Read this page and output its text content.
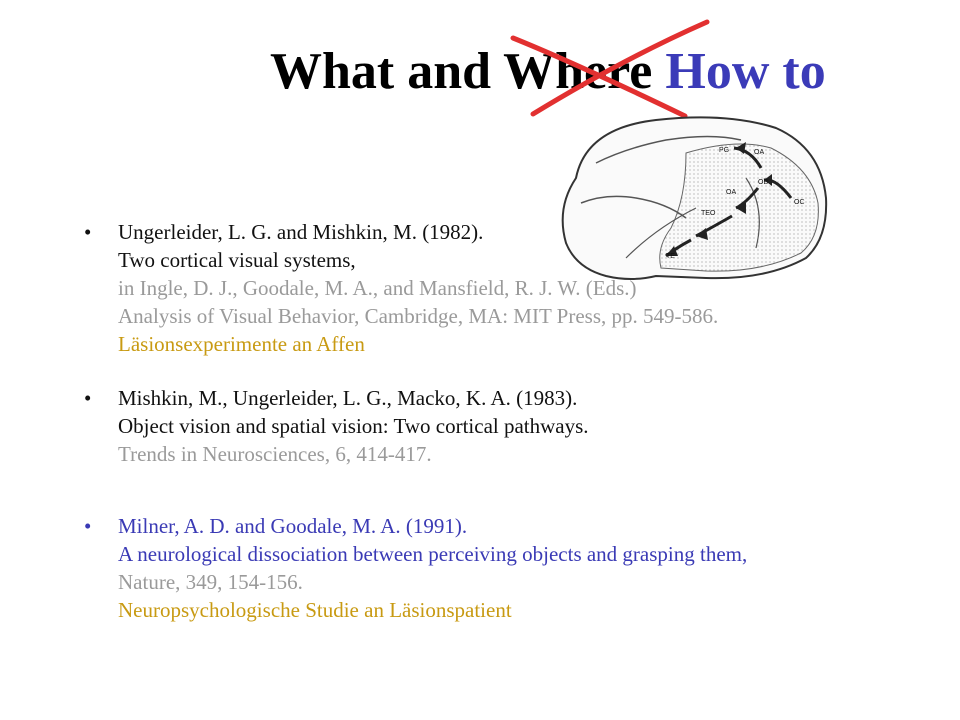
What and Where How to
PG	OA
OB
OA
OC
TEO
TE
• Ungerleider, L. G. and Mishkin, M. (1982).
Two cortical visual systems,
in Ingle, D. J., Goodale, M. A., and Mansfield, R. J. W. (Eds.)
Analysis of Visual Behavior, Cambridge, MA: MIT Press, pp. 549-586.
Läsionsexperimente an Affen
• Mishkin, M., Ungerleider, L. G., Macko, K. A. (1983).
Object vision and spatial vision: Two cortical pathways.
Trends in Neurosciences, 6, 414-417.
• Milner, A. D. and Goodale, M. A. (1991).
A neurological dissociation between perceiving objects and grasping them,
Nature, 349, 154-156.
Neuropsychologische Studie an Läsionspatient
